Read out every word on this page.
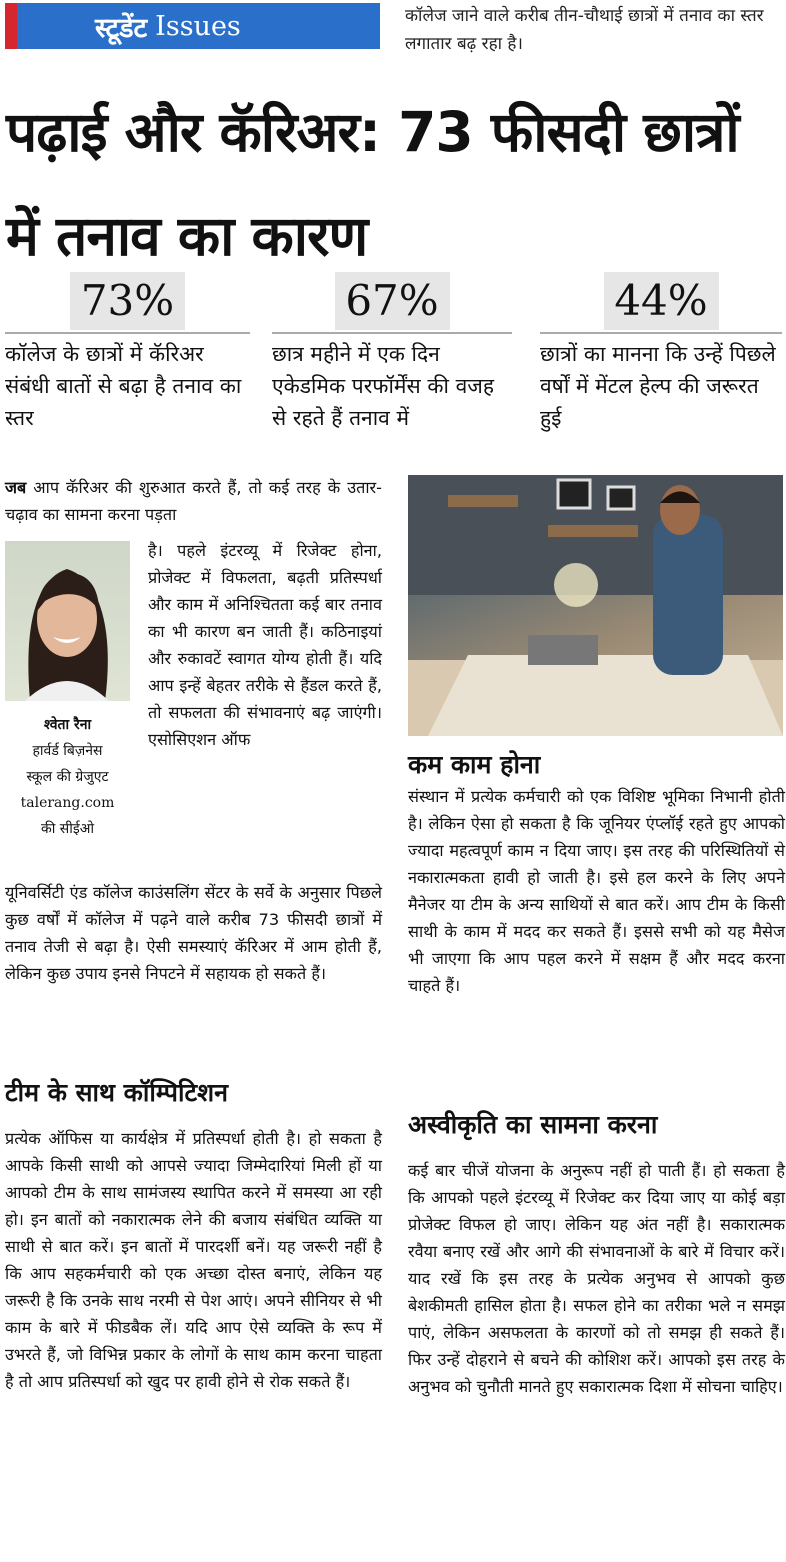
स्टूडेंट Issues	कॉलेज जाने वाले करीब तीन-चौथाई छात्रों में तनाव का स्तर लगातार बढ़ रहा है।
पढ़ाई और कॅरिअर: 73 फीसदी छात्रों में तनाव का कारण
73%
कॉलेज के छात्रों में कॅरिअर संबंधी बातों से बढ़ा है तनाव का स्तर
67%
छात्र महीने में एक दिन एकेडमिक परफॉर्मेंस की वजह से रहते हैं तनाव में
44%
छात्रों का मानना कि उन्हें पिछले वर्षों में मेंटल हेल्प की जरूरत हुई
जब आप कॅरिअर की शुरुआत करते हैं, तो कई तरह के उतार-चढ़ाव का सामना करना पड़ता
श्वेता रैना
हार्वर्ड बिज़नेस
स्कूल की ग्रेजुएट
talerang.com
की सीईओ
है। पहले इंटरव्यू में रिजेक्ट होना, प्रोजेक्ट में विफलता, बढ़ती प्रतिस्पर्धा और काम में अनिश्चितता कई बार तनाव का भी कारण बन जाती हैं। कठिनाइयां और रुकावटें स्वागत योग्य होती हैं। यदि आप इन्हें बेहतर तरीके से हैंडल करते हैं, तो सफलता की संभावनाएं बढ़ जाएंगी। एसोसिएशन ऑफ
यूनिवर्सिटी एंड कॉलेज काउंसलिंग सेंटर के सर्वे के अनुसार पिछले कुछ वर्षों में कॉलेज में पढ़ने वाले करीब 73 फीसदी छात्रों में तनाव तेजी से बढ़ा है। ऐसी समस्याएं कॅरिअर में आम होती हैं, लेकिन कुछ उपाय इनसे निपटने में सहायक हो सकते हैं।
टीम के साथ कॉम्पिटिशन
प्रत्येक ऑफिस या कार्यक्षेत्र में प्रतिस्पर्धा होती है। हो सकता है आपके किसी साथी को आपसे ज्यादा जिम्मेदारियां मिली हों या आपको टीम के साथ सामंजस्य स्थापित करने में समस्या आ रही हो। इन बातों को नकारात्मक लेने की बजाय संबंधित व्यक्ति या साथी से बात करें। इन बातों में पारदर्शी बनें। यह जरूरी नहीं है कि आप सहकर्मचारी को एक अच्छा दोस्त बनाएं, लेकिन यह जरूरी है कि उनके साथ नरमी से पेश आएं। अपने सीनियर से भी काम के बारे में फीडबैक लें। यदि आप ऐसे व्यक्ति के रूप में उभरते हैं, जो विभिन्न प्रकार के लोगों के साथ काम करना चाहता है तो आप प्रतिस्पर्धा को खुद पर हावी होने से रोक सकते हैं।
कम काम होना
संस्थान में प्रत्येक कर्मचारी को एक विशिष्ट भूमिका निभानी होती है। लेकिन ऐसा हो सकता है कि जूनियर एंप्लॉई रहते हुए आपको ज्यादा महत्वपूर्ण काम न दिया जाए। इस तरह की परिस्थितियों से नकारात्मकता हावी हो जाती है। इसे हल करने के लिए अपने मैनेजर या टीम के अन्य साथियों से बात करें। आप टीम के किसी साथी के काम में मदद कर सकते हैं। इससे सभी को यह मैसेज भी जाएगा कि आप पहल करने में सक्षम हैं और मदद करना चाहते हैं।
अस्वीकृति का सामना करना
कई बार चीजें योजना के अनुरूप नहीं हो पाती हैं। हो सकता है कि आपको पहले इंटरव्यू में रिजेक्ट कर दिया जाए या कोई बड़ा प्रोजेक्ट विफल हो जाए। लेकिन यह अंत नहीं है। सकारात्मक रवैया बनाए रखें और आगे की संभावनाओं के बारे में विचार करें। याद रखें कि इस तरह के प्रत्येक अनुभव से आपको कुछ बेशकीमती हासिल होता है। सफल होने का तरीका भले न समझ पाएं, लेकिन असफलता के कारणों को तो समझ ही सकते हैं। फिर उन्हें दोहराने से बचने की कोशिश करें। आपको इस तरह के अनुभव को चुनौती मानते हुए सकारात्मक दिशा में सोचना चाहिए।
